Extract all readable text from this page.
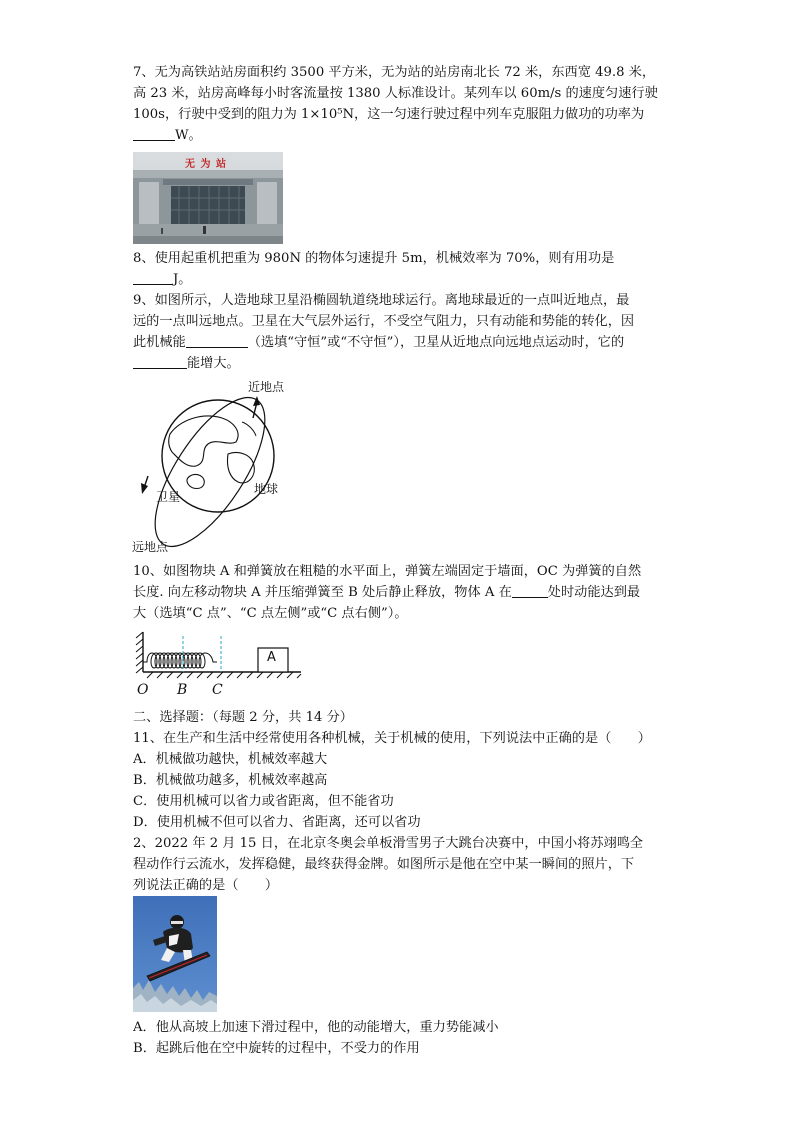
7、无为高铁站站房面积约 3500 平方米，无为站的站房南北长 72 米，东西宽 49.8 米，
高 23 米，站房高峰每小时客流量按 1380 人标准设计。某列车以 60m/s 的速度匀速行驶
100s，行驶中受到的阻力为 1×10⁵N，这一匀速行驶过程中列车克服阻力做功的功率为
W。
无 为 站
8、使用起重机把重为 980N 的物体匀速提升 5m，机械效率为 70%，则有用功是
J。
9、如图所示，人造地球卫星沿椭圆轨道绕地球运行。离地球最近的一点叫近地点，最
远的一点叫远地点。卫星在大气层外运行，不受空气阻力，只有动能和势能的转化，因
此机械能	（选填“守恒”或“不守恒”），卫星从近地点向远地点运动时，它的
能增大。
近地点
地球
卫星
远地点
10、如图物块 A 和弹簧放在粗糙的水平面上，弹簧左端固定于墙面，OC 为弹簧的自然
长度. 向左移动物块 A 并压缩弹簧至 B 处后静止释放，物体 A 在	处时动能达到最
大（选填“C 点”、“C 点左侧”或“C 点右侧”）。
A
O B C
二、选择题：（每题 2 分，共 14 分）
11、在生产和生活中经常使用各种机械，关于机械的使用，下列说法中正确的是（　　）
A．机械做功越快，机械效率越大
B．机械做功越多，机械效率越高
C．使用机械可以省力或省距离，但不能省功
D．使用机械不但可以省力、省距离，还可以省功
2、2022 年 2 月 15 日，在北京冬奥会单板滑雪男子大跳台决赛中，中国小将苏翊鸣全
程动作行云流水，发挥稳健，最终获得金牌。如图所示是他在空中某一瞬间的照片，下
列说法正确的是（　　）
A．他从高坡上加速下滑过程中，他的动能增大，重力势能减小
B．起跳后他在空中旋转的过程中，不受力的作用
